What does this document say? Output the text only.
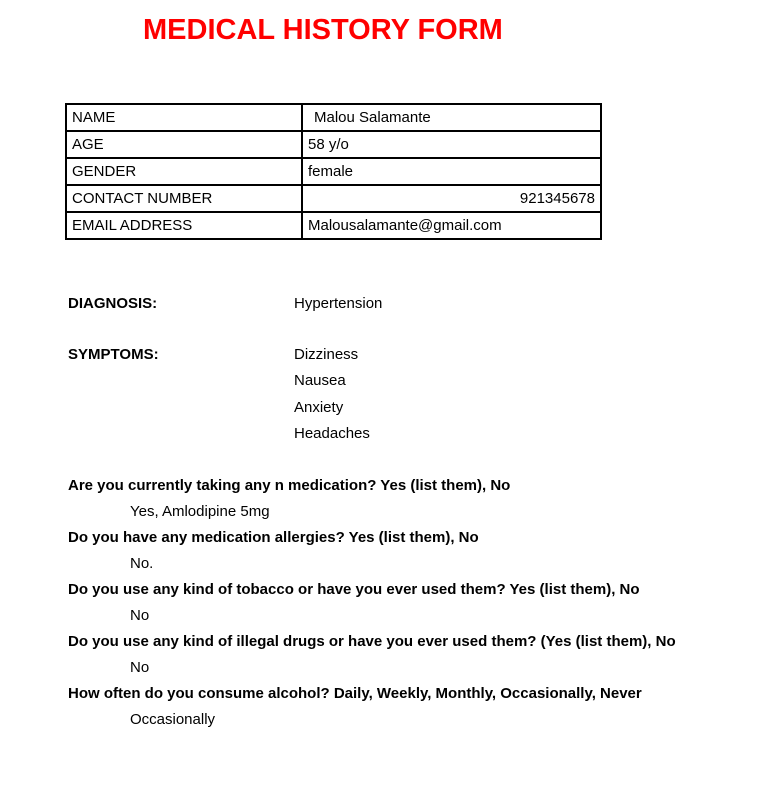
MEDICAL HISTORY FORM
NAME	Malou Salamante
AGE	58 y/o
GENDER	female
CONTACT NUMBER	921345678
EMAIL ADDRESS	Malousalamante@gmail.com
DIAGNOSIS:	Hypertension
SYMPTOMS:	Dizziness
Nausea
Anxiety
Headaches
Are you currently taking any n medication? Yes (list them), No
Yes, Amlodipine 5mg
Do you have any medication allergies? Yes (list them), No
No.
Do you use any kind of tobacco or have you ever used them? Yes (list them), No
No
Do you use any kind of illegal drugs or have you ever used them? (Yes (list them), No
No
How often do you consume alcohol? Daily, Weekly, Monthly, Occasionally, Never
Occasionally
